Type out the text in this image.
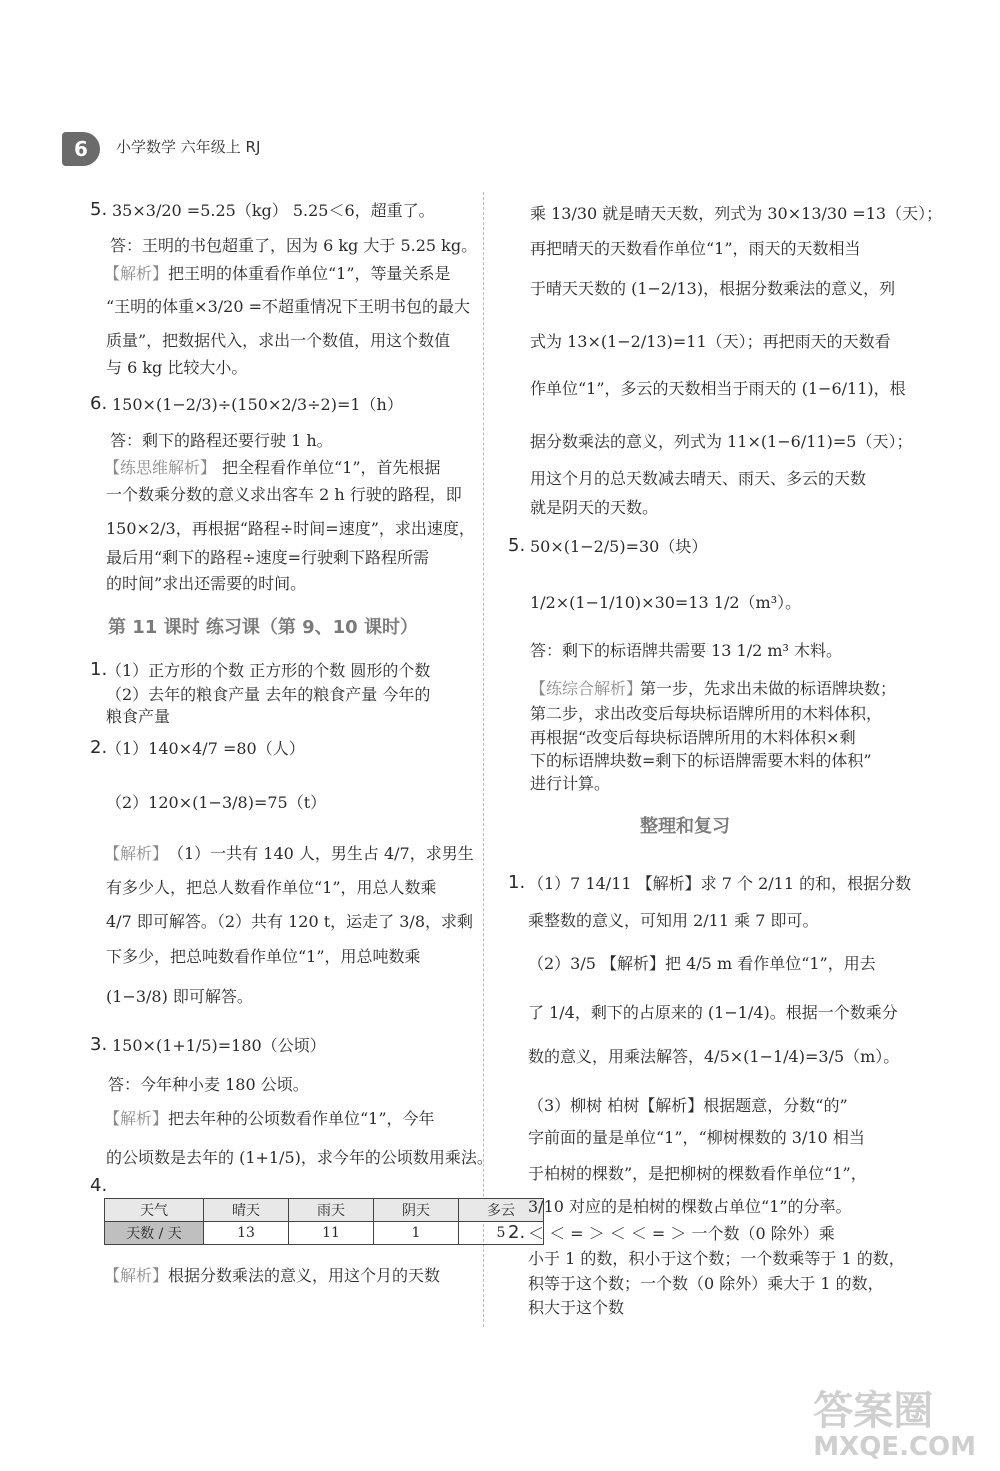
6 小学数学 六年级上 RJ
5. 35×3/20 =5.25（kg） 5.25＜6，超重了。
答：王明的书包超重了，因为 6 kg 大于 5.25 kg。
【解析】 把王明的体重看作单位“1”，等量关系是
“王明的体重×3/20 =不超重情况下王明书包的最大
质量”，把数据代入，求出一个数值，用这个数值
与 6 kg 比较大小。
6. 150×(1−2/3)÷(150×2/3÷2)=1（h）
答：剩下的路程还要行驶 1 h。
【练思维解析】 把全程看作单位“1”，首先根据
一个数乘分数的意义求出客车 2 h 行驶的路程，即
150×2/3，再根据“路程÷时间=速度”，求出速度，
最后用“剩下的路程÷速度=行驶剩下路程所需
的时间”求出还需要的时间。
第 11 课时 练习课（第 9、10 课时）
1.
（1）正方形的个数 正方形的个数 圆形的个数
（2）去年的粮食产量 去年的粮食产量 今年的
粮食产量
2.
（1）140×4/7 =80（人）
（2）120×(1−3/8)=75（t）
【解析】 （1）一共有 140 人，男生占 4/7，求男生
有多少人，把总人数看作单位“1”，用总人数乘
4/7 即可解答。（2）共有 120 t，运走了 3/8，求剩
下多少，把总吨数看作单位“1”，用总吨数乘
(1−3/8) 即可解答。
3. 150×(1+1/5)=180（公顷）
答：今年种小麦 180 公顷。
【解析】 把去年种的公顷数看作单位“1”，今年
的公顷数是去年的 (1+1/5)，求今年的公顷数用乘法。
4.
天气	晴天	雨天	阴天	多云
天数 / 天	13	11	1	5
【解析】 根据分数乘法的意义，用这个月的天数
乘 13/30 就是晴天天数，列式为 30×13/30 =13（天）；
再把晴天的天数看作单位“1”，雨天的天数相当
于晴天天数的 (1−2/13)，根据分数乘法的意义，列
式为 13×(1−2/13)=11（天）；再把雨天的天数看
作单位“1”，多云的天数相当于雨天的 (1−6/11)，根
据分数乘法的意义，列式为 11×(1−6/11)=5（天）；
用这个月的总天数减去晴天、雨天、多云的天数
就是阴天的天数。
5. 50×(1−2/5)=30（块）
1/2×(1−1/10)×30=13 1/2（m³）。
答：剩下的标语牌共需要 13 1/2 m³ 木料。
【练综合解析】
第一步，先求出未做的标语牌块数；
第二步，求出改变后每块标语牌所用的木料体积，
再根据“改变后每块标语牌所用的木料体积×剩
下的标语牌块数=剩下的标语牌需要木料的体积”
进行计算。
整理和复习
1. （1）7 14/11 【解析】求 7 个 2/11 的和，根据分数
乘整数的意义，可知用 2/11 乘 7 即可。
（2）3/5 【解析】把 4/5 m 看作单位“1”，用去
了 1/4，剩下的占原来的 (1−1/4)。根据一个数乘分
数的意义，用乘法解答，4/5×(1−1/4)=3/5（m）。
（3）柳树 柏树【解析】根据题意，分数“的”
字前面的量是单位“1”，“柳树棵数的 3/10 相当
于柏树的棵数”，是把柳树的棵数看作单位“1”，
3/10 对应的是柏树的棵数占单位“1”的分率。
2. ＜ ＜ = ＞ ＜ ＜ = ＞ 一个数（0 除外）乘
小于 1 的数，积小于这个数；一个数乘等于 1 的数，
积等于这个数；一个数（0 除外）乘大于 1 的数，
积大于这个数
答案圈
MXQE.COM
